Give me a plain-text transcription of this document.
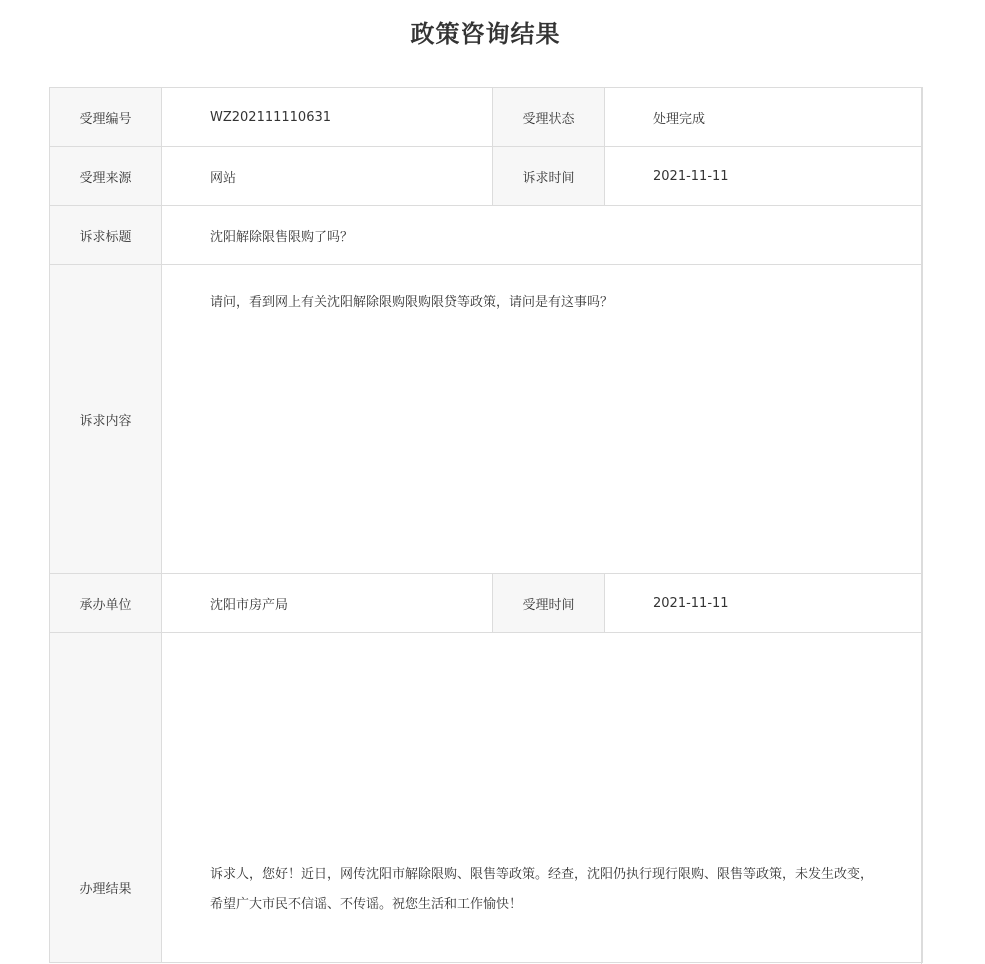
政策咨询结果
受理编号	WZ202111110631	受理状态	处理完成
受理来源	网站	诉求时间	2021-11-11
诉求标题	沈阳解除限售限购了吗？		
诉求内容	请问，看到网上有关沈阳解除限购限购限贷等政策，请问是有这事吗？		
承办单位	沈阳市房产局	受理时间	2021-11-11
办理结果	诉求人，您好！近日，网传沈阳市解除限购、限售等政策。经查，沈阳仍执行现行限购、限售等政策，未发生改变，希望广大市民不信谣、不传谣。祝您生活和工作愉快！		
